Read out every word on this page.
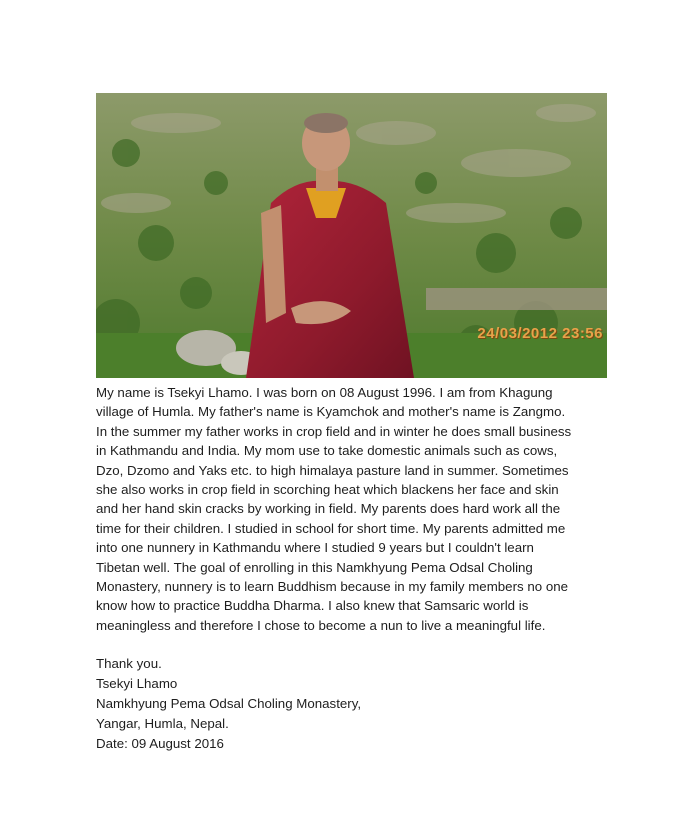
24/03/2012 23:56

My name is Tsekyi Lhamo. I was born on 08 August 1996. I am from Khagung
village of Humla. My father's name is Kyamchok and mother's name is Zangmo.
In the summer my father works in crop field and in winter he does small business
in Kathmandu and India. My mom use to take domestic animals such as cows,
Dzo, Dzomo and Yaks etc. to high himalaya pasture land in summer. Sometimes
she also works in crop field in scorching heat which blackens her face and skin
and her hand skin cracks by working in field. My parents does hard work all the
time for their children. I studied in school for short time. My parents admitted me
into one nunnery in Kathmandu where I studied 9 years but I couldn't learn
Tibetan well. The goal of enrolling in this Namkhyung Pema Odsal Choling
Monastery, nunnery is to learn Buddhism because in my family members no one
know how to practice Buddha Dharma. I also knew that Samsaric world is
meaningless and therefore I chose to become a nun to live a meaningful life.

Thank you.
Tsekyi Lhamo
Namkhyung Pema Odsal Choling Monastery,
Yangar, Humla, Nepal.
Date: 09 August 2016
